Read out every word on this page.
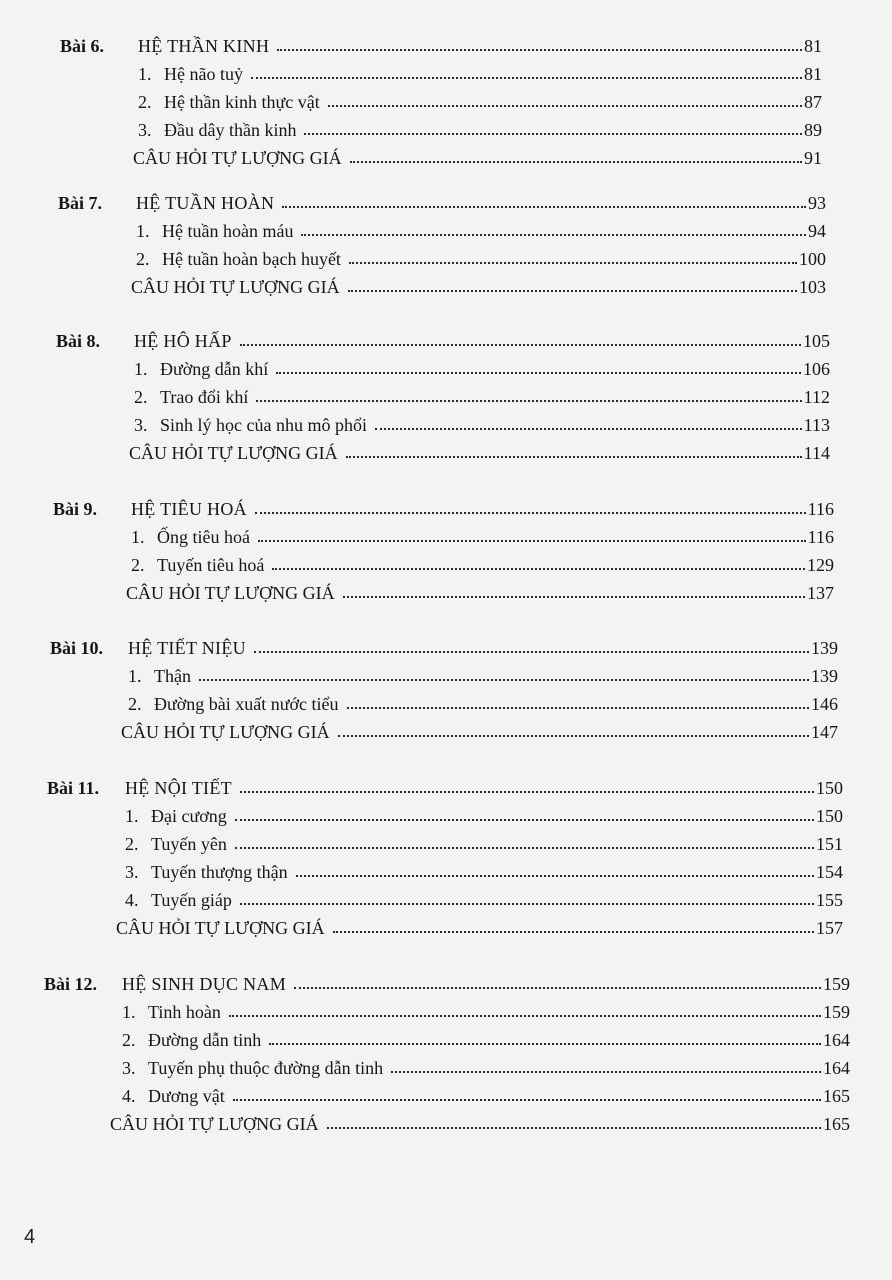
Bài 6.	HỆ THẦN KINH	81
1. Hệ não tuỷ	81
2. Hệ thần kinh thực vật	87
3. Đầu dây thần kinh	89
CÂU HỎI TỰ LƯỢNG GIÁ	91
Bài 7.	HỆ TUẦN HOÀN	93
1. Hệ tuần hoàn máu	94
2. Hệ tuần hoàn bạch huyết	100
CÂU HỎI TỰ LƯỢNG GIÁ	103
Bài 8.	HỆ HÔ HẤP	105
1. Đường dẫn khí	106
2. Trao đổi khí	112
3. Sinh lý học của nhu mô phổi	113
CÂU HỎI TỰ LƯỢNG GIÁ	114
Bài 9.	HỆ TIÊU HOÁ	116
1. Ống tiêu hoá	116
2. Tuyến tiêu hoá	129
CÂU HỎI TỰ LƯỢNG GIÁ	137
Bài 10.	HỆ TIẾT NIỆU	139
1. Thận	139
2. Đường bài xuất nước tiểu	146
CÂU HỎI TỰ LƯỢNG GIÁ	147
Bài 11.	HỆ NỘI TIẾT	150
1. Đại cương	150
2. Tuyến yên	151
3. Tuyến thượng thận	154
4. Tuyến giáp	155
CÂU HỎI TỰ LƯỢNG GIÁ	157
Bài 12.	HỆ SINH DỤC NAM	159
1. Tinh hoàn	159
2. Đường dẫn tinh	164
3. Tuyến phụ thuộc đường dẫn tinh	164
4. Dương vật	165
CÂU HỎI TỰ LƯỢNG GIÁ	165
4
